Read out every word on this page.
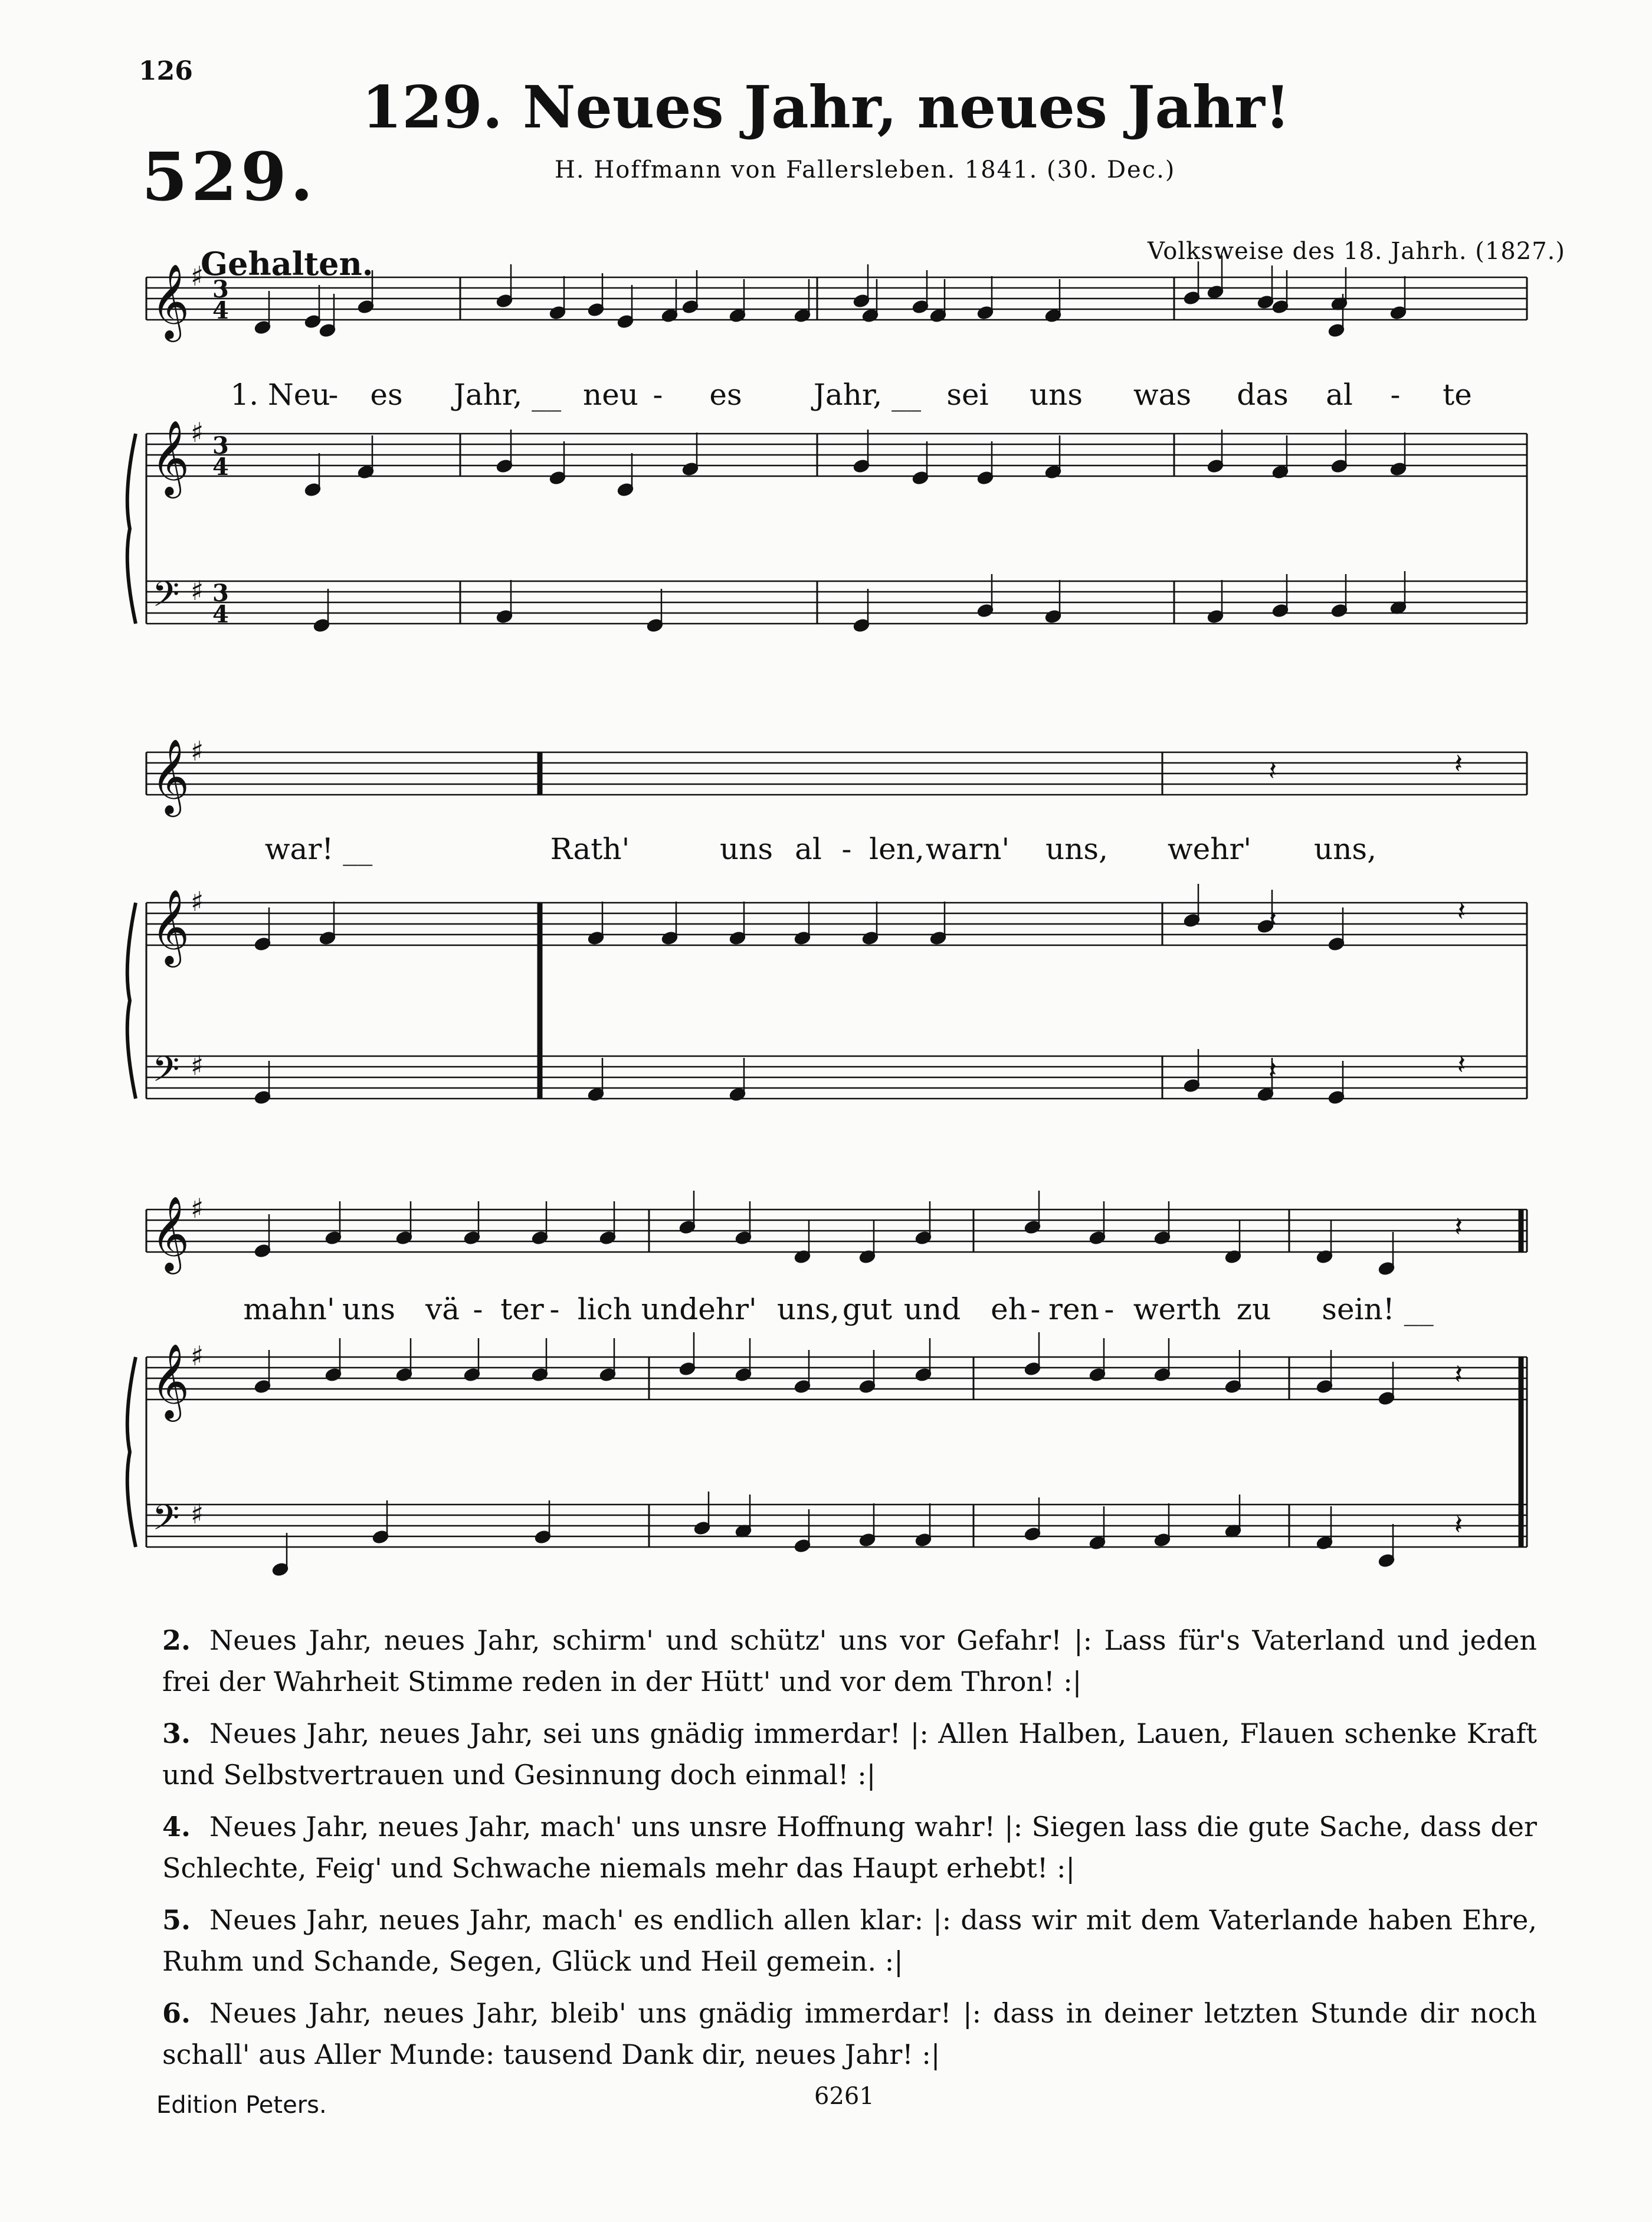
126
529.
129. Neues Jahr, neues Jahr!
H. Hoffmann von Fallersleben. 1841. (30. Dec.)
Gehalten.	Volksweise des 18. Jahrh. (1827.)
𝄞
𝄞
𝄢
♯
♯
♯
3
4
3
4
3
4
𝄞
𝄞
𝄢
♯
♯
♯
𝄞
𝄞
𝄢
♯
♯
♯
𝄽
𝄽
𝄽
𝄽
𝄽
𝄽
𝄽
𝄽
𝄽
1. Neu
- es Jahr, __ neu - es Jahr, __ sei uns was das al - te
war! __	Rath'	uns al - len, warn' uns, wehr' uns,
mahn' uns vä - ter - lich und
lehr' uns, gut und eh - ren - werth zu sein! __
2. Neues Jahr, neues Jahr, schirm' und schütz' uns vor Gefahr! |: Lass für's Vaterland und jeden frei der Wahrheit Stimme reden in der Hütt' und vor dem Thron! :|
3. Neues Jahr, neues Jahr, sei uns gnädig immerdar! |: Allen Halben, Lauen, Flauen schenke Kraft und Selbstvertrauen und Gesinnung doch einmal! :|
4. Neues Jahr, neues Jahr, mach' uns unsre Hoffnung wahr! |: Siegen lass die gute Sache, dass der Schlechte, Feig' und Schwache niemals mehr das Haupt erhebt! :|
5. Neues Jahr, neues Jahr, mach' es endlich allen klar: |: dass wir mit dem Vaterlande haben Ehre, Ruhm und Schande, Segen, Glück und Heil gemein. :|
6. Neues Jahr, neues Jahr, bleib' uns gnädig immerdar! |: dass in deiner letzten Stunde dir noch schall' aus Aller Munde: tausend Dank dir, neues Jahr! :|
Edition Peters.	6261
